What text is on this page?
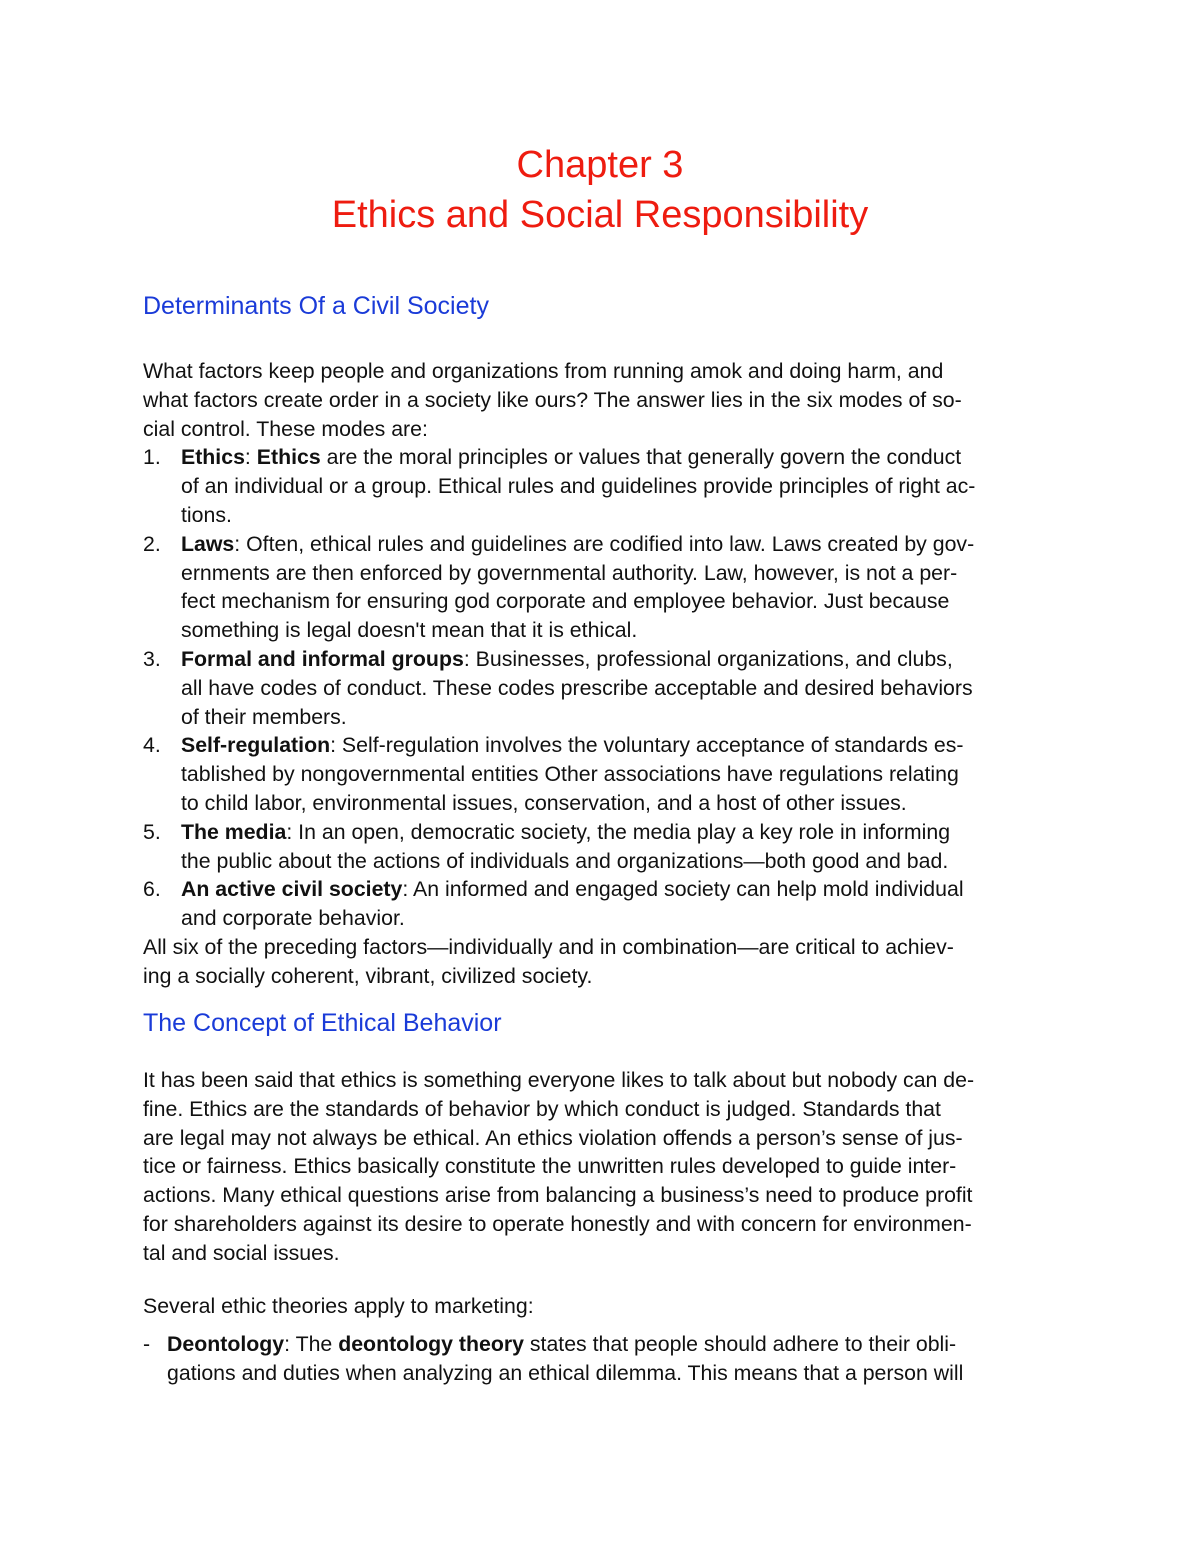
Chapter 3
Ethics and Social Responsibility
Determinants Of a Civil Society

What factors keep people and organizations from running amok and doing harm, and
what factors create order in a society like ours? The answer lies in the six modes of so-
cial control. These modes are:

1. Ethics: Ethics are the moral principles or values that generally govern the conduct
of an individual or a group. Ethical rules and guidelines provide principles of right ac-
tions.
2. Laws: Often, ethical rules and guidelines are codified into law. Laws created by gov-
ernments are then enforced by governmental authority. Law, however, is not a per-
fect mechanism for ensuring god corporate and employee behavior. Just because
something is legal doesn't mean that it is ethical.
3. Formal and informal groups: Businesses, professional organizations, and clubs,
all have codes of conduct. These codes prescribe acceptable and desired behaviors
of their members.
4. Self-regulation: Self-regulation involves the voluntary acceptance of standards es-
tablished by nongovernmental entities Other associations have regulations relating
to child labor, environmental issues, conservation, and a host of other issues.
5. The media: In an open, democratic society, the media play a key role in informing
the public about the actions of individuals and organizations—both good and bad.
6. An active civil society: An informed and engaged society can help mold individual
and corporate behavior.

All six of the preceding factors—individually and in combination—are critical to achiev-
ing a socially coherent, vibrant, civilized society.

The Concept of Ethical Behavior

It has been said that ethics is something everyone likes to talk about but nobody can de-
fine. Ethics are the standards of behavior by which conduct is judged. Standards that
are legal may not always be ethical. An ethics violation offends a person’s sense of jus-
tice or fairness. Ethics basically constitute the unwritten rules developed to guide inter-
actions. Many ethical questions arise from balancing a business’s need to produce profit
for shareholders against its desire to operate honestly and with concern for environmen-
tal and social issues.

Several ethic theories apply to marketing:

- Deontology: The deontology theory states that people should adhere to their obli-
gations and duties when analyzing an ethical dilemma. This means that a person will
